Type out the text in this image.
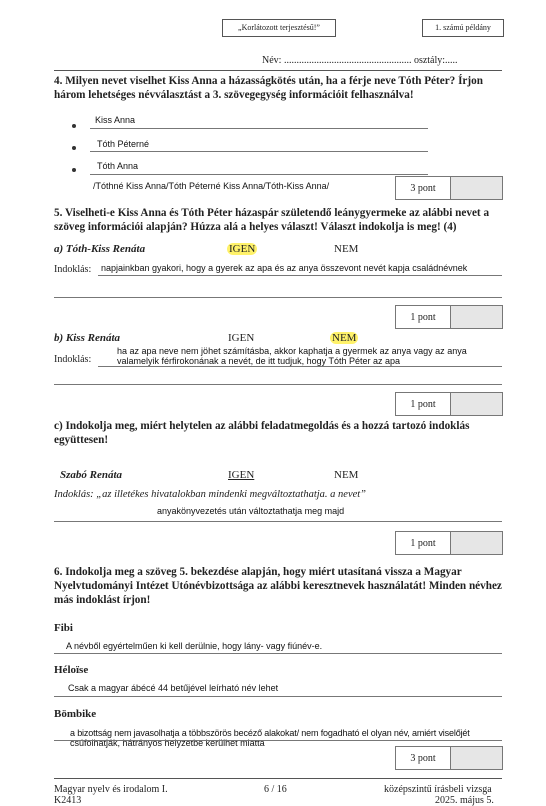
„Korlátozott terjesztésű!”	1. számú példány
Név: ................................................... osztály:.....
4. Milyen nevet viselhet Kiss Anna a házasságkötés után, ha a férje neve Tóth Péter? Írjon három lehetséges névválasztást a 3. szövegegység információit felhasználva!
Kiss Anna
Tóth Péterné
Tóth Anna
/Tóthné Kiss Anna/Tóth Péterné Kiss Anna/Tóth-Kiss Anna/	3 pont
5. Viselheti-e Kiss Anna és Tóth Péter házaspár születendő leánygyermeke az alábbi nevet a szöveg információi alapján? Húzza alá a helyes választ! Választ indokolja is meg! (4)
a) Tóth-Kiss Renáta	IGEN	NEM
Indoklás: napjainkban gyakori, hogy a gyerek az apa és az anya összevont nevét kapja családnévnek
1 pont
b) Kiss Renáta	IGEN	NEM
ha az apa neve nem jöhet számításba, akkor kaphatja a gyermek az anya vagy az anya
Indoklás:	valamelyik férfirokonának a nevét, de itt tudjuk, hogy Tóth Péter az apa
1 pont
c) Indokolja meg, miért helytelen az alábbi feladatmegoldás és a hozzá tartozó indoklás együttesen!
Szabó Renáta	IGEN	NEM
Indoklás: „az illetékes hivatalokban mindenki megváltoztathatja. a nevet”
anyakönyvezetés után változtathatja meg majd
1 pont
6. Indokolja meg a szöveg 5. bekezdése alapján, hogy miért utasítaná vissza a Magyar Nyelvtudományi Intézet Utónévbizottsága az alábbi keresztnevek használatát! Minden névhez más indoklást írjon!
Fibi
A névből egyértelműen ki kell derülnie, hogy lány- vagy fiúnév-e.
Héloïse
Csak a magyar ábécé 44 betűjével leírható név lehet
Bömbike
a bizottság nem javasolhatja a többszörös becéző alakokat/ nem fogadható el olyan név, amiért viselőjét
csúfolhatják, hátrányos helyzetbe kerülhet miatta
3 pont
Magyar nyelv és irodalom I.
K2413
6 / 16	középszintű írásbeli vizsga
2025. május 5.
